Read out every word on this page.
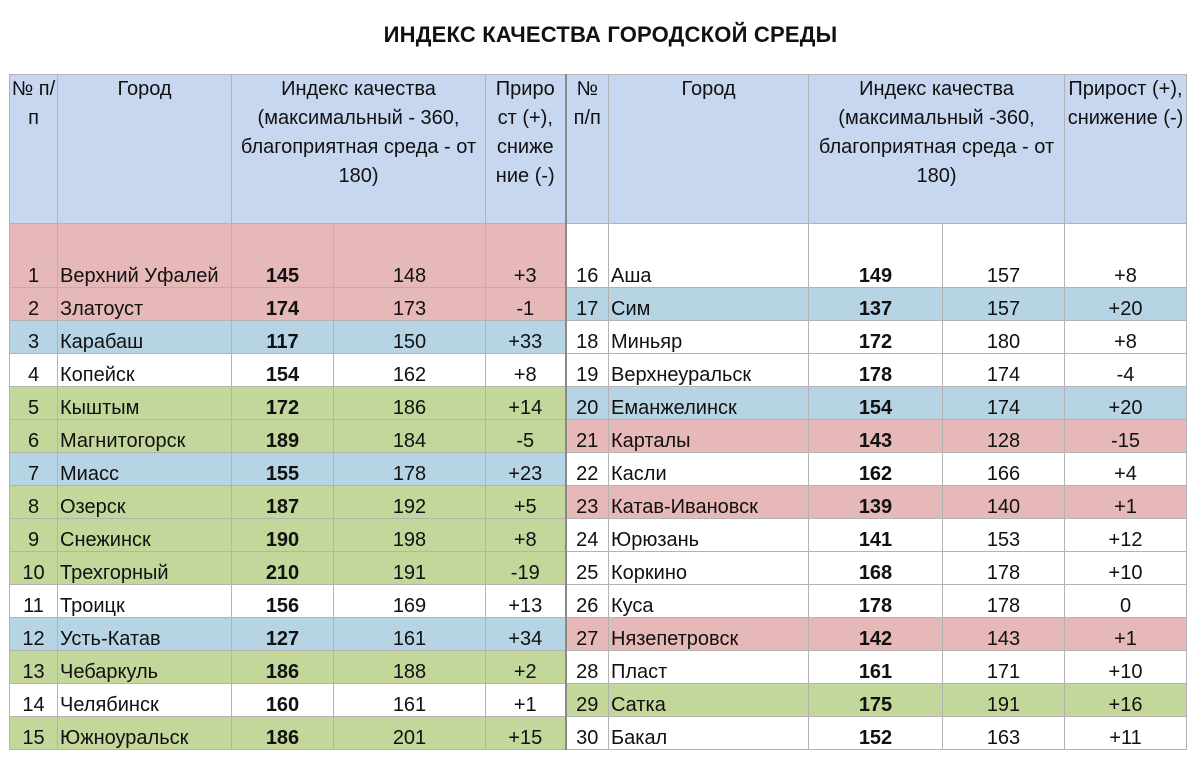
ИНДЕКС КАЧЕСТВА ГОРОДСКОЙ СРЕДЫ
№ п/п	Город	Индекс качества (максимальный - 360, благоприятная среда - от 180)		Приро ст (+), сниже ние (-)	№ п/п	Город	Индекс качества (максимальный -360, благоприятная среда - от 180)		Прирост (+), снижение (-)
1	Верхний Уфалей	145	148	+3	16	Аша	149	157	+8
2	Златоуст	174	173	-1	17	Сим	137	157	+20
3	Карабаш	117	150	+33	18	Миньяр	172	180	+8
4	Копейск	154	162	+8	19	Верхнеуральск	178	174	-4
5	Кыштым	172	186	+14	20	Еманжелинск	154	174	+20
6	Магнитогорск	189	184	-5	21	Карталы	143	128	-15
7	Миасс	155	178	+23	22	Касли	162	166	+4
8	Озерск	187	192	+5	23	Катав-Ивановск	139	140	+1
9	Снежинск	190	198	+8	24	Юрюзань	141	153	+12
10	Трехгорный	210	191	-19	25	Коркино	168	178	+10
11	Троицк	156	169	+13	26	Куса	178	178	0
12	Усть-Катав	127	161	+34	27	Нязепетровск	142	143	+1
13	Чебаркуль	186	188	+2	28	Пласт	161	171	+10
14	Челябинск	160	161	+1	29	Сатка	175	191	+16
15	Южноуральск	186	201	+15	30	Бакал	152	163	+11
